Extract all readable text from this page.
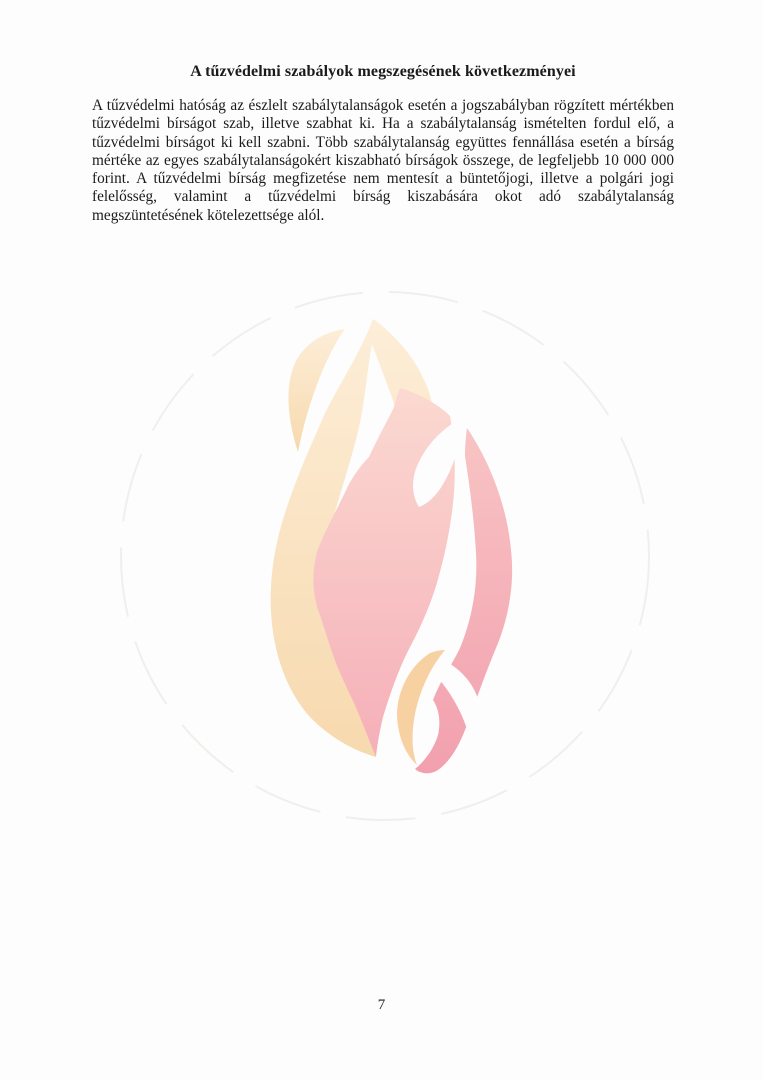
A tűzvédelmi szabályok megszegésének következményei

A tűzvédelmi hatóság az észlelt szabálytalanságok esetén a jogszabályban rögzített mértékben tűzvédelmi bírságot szab, illetve szabhat ki. Ha a szabálytalanság ismételten fordul elő, a tűzvédelmi bírságot ki kell szabni. Több szabálytalanság együttes fennállása esetén a bírság mértéke az egyes szabálytalanságokért kiszabható bírságok összege, de legfeljebb 10 000 000 forint. A tűzvédelmi bírság megfizetése nem mentesít a büntetőjogi, illetve a polgári jogi felelősség, valamint a tűzvédelmi bírság kiszabására okot adó szabálytalanság megszüntetésének kötelezettsége alól.

7
